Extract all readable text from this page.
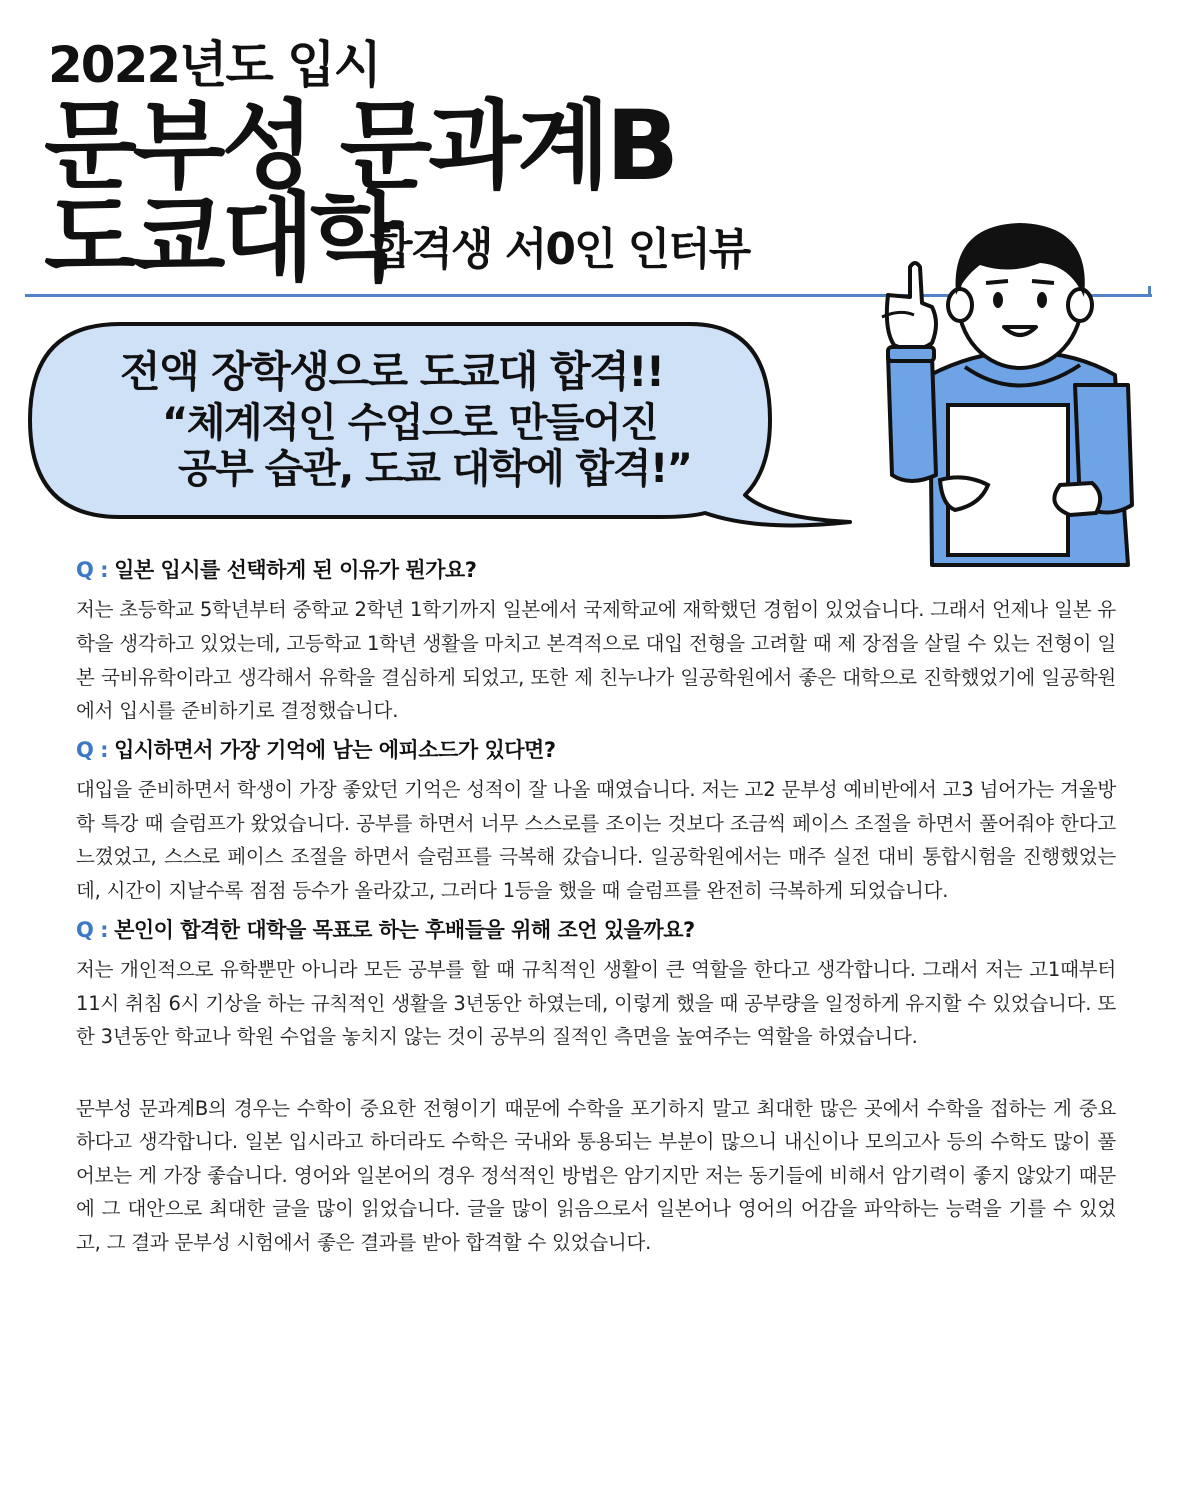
2022년도 입시
문부성 문과계B
도쿄대학
합격생 서0인 인터뷰
전액 장학생으로 도쿄대 합격!!
“체계적인 수업으로 만들어진
공부 습관, 도쿄 대학에 합격!”

Q : 일본 입시를 선택하게 된 이유가 뭔가요?

저는 초등학교 5학년부터 중학교 2학년 1학기까지 일본에서 국제학교에 재학했던 경험이 있었습니다. 그래서 언제나 일본 유학을 생각하고 있었는데, 고등학교 1학년 생활을 마치고 본격적으로 대입 전형을 고려할 때 제 장점을 살릴 수 있는 전형이 일본 국비유학이라고 생각해서 유학을 결심하게 되었고, 또한 제 친누나가 일공학원에서 좋은 대학으로 진학했었기에 일공학원에서 입시를 준비하기로 결정했습니다.

Q : 입시하면서 가장 기억에 남는 에피소드가 있다면?

대입을 준비하면서 학생이 가장 좋았던 기억은 성적이 잘 나올 때였습니다. 저는 고2 문부성 예비반에서 고3 넘어가는 겨울방학 특강 때 슬럼프가 왔었습니다. 공부를 하면서 너무 스스로를 조이는 것보다 조금씩 페이스 조절을 하면서 풀어줘야 한다고 느꼈었고, 스스로 페이스 조절을 하면서 슬럼프를 극복해 갔습니다. 일공학원에서는 매주 실전 대비 통합시험을 진행했었는데, 시간이 지날수록 점점 등수가 올라갔고, 그러다 1등을 했을 때 슬럼프를 완전히 극복하게 되었습니다.

Q : 본인이 합격한 대학을 목표로 하는 후배들을 위해 조언 있을까요?

저는 개인적으로 유학뿐만 아니라 모든 공부를 할 때 규칙적인 생활이 큰 역할을 한다고 생각합니다. 그래서 저는 고1때부터 11시 취침 6시 기상을 하는 규칙적인 생활을 3년동안 하였는데, 이렇게 했을 때 공부량을 일정하게 유지할 수 있었습니다. 또한 3년동안 학교나 학원 수업을 놓치지 않는 것이 공부의 질적인 측면을 높여주는 역할을 하였습니다.

문부성 문과계B의 경우는 수학이 중요한 전형이기 때문에 수학을 포기하지 말고 최대한 많은 곳에서 수학을 접하는 게 중요하다고 생각합니다. 일본 입시라고 하더라도 수학은 국내와 통용되는 부분이 많으니 내신이나 모의고사 등의 수학도 많이 풀어보는 게 가장 좋습니다. 영어와 일본어의 경우 정석적인 방법은 암기지만 저는 동기들에 비해서 암기력이 좋지 않았기 때문에 그 대안으로 최대한 글을 많이 읽었습니다. 글을 많이 읽음으로서 일본어나 영어의 어감을 파악하는 능력을 기를 수 있었고, 그 결과 문부성 시험에서 좋은 결과를 받아 합격할 수 있었습니다.
